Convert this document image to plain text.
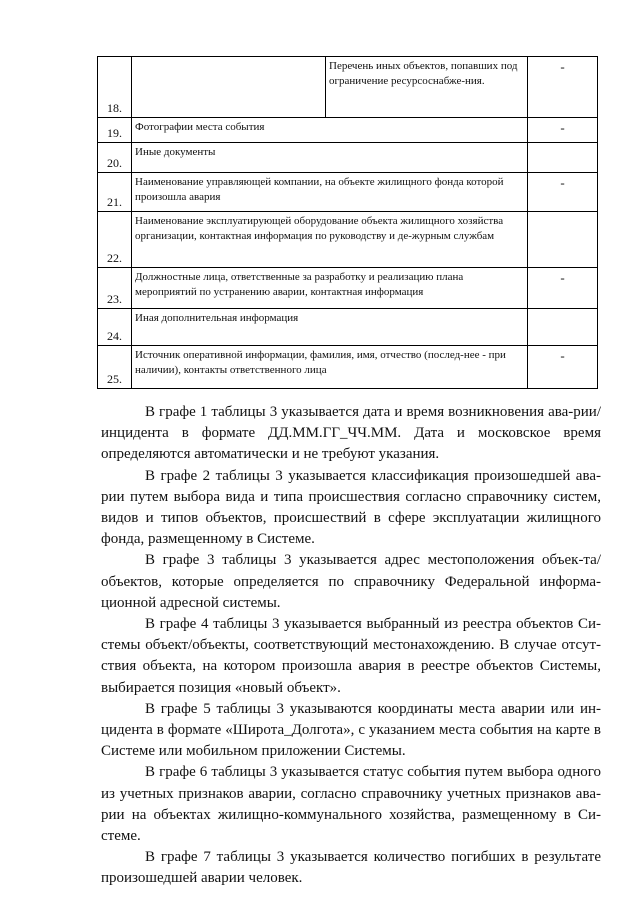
18.
Перечень иных объектов, попавших под ограничение ресурсоснабже-ния.
-
19.	Фотографии места события	-
20.
Иные документы
21.
Наименование управляющей компании, на объекте жилищного фонда которой произошла авария
-
22.
Наименование эксплуатирующей оборудование объекта жилищного хозяйства организации, контактная информация по руководству и де-журным службам
23.
Должностные лица, ответственные за разработку и реализацию плана мероприятий по устранению аварии, контактная информация
-
24.
Иная дополнительная информация
25.
Источник оперативной информации, фамилия, имя, отчество (послед-нее - при наличии), контакты ответственного лица
-

В графе 1 таблицы 3 указывается дата и время возникновения ава-рии/инцидента в формате ДД.ММ.ГГ_ЧЧ.ММ. Дата и московское время определяются автоматически и не требуют указания.

В графе 2 таблицы 3 указывается классификация произошедшей ава-рии путем выбора вида и типа происшествия согласно справочнику систем, видов и типов объектов, происшествий в сфере эксплуатации жилищного фонда, размещенному в Системе.

В графе 3 таблицы 3 указывается адрес местоположения объек-та/объектов, которые определяется по справочнику Федеральной информа-ционной адресной системы.

В графе 4 таблицы 3 указывается выбранный из реестра объектов Си-стемы объект/объекты, соответствующий местонахождению. В случае отсут-ствия объекта, на котором произошла авария в реестре объектов Системы, выбирается позиция «новый объект».

В графе 5 таблицы 3 указываются координаты места аварии или ин-цидента в формате «Широта_Долгота», с указанием места события на карте в Системе или мобильном приложении Системы.

В графе 6 таблицы 3 указывается статус события путем выбора одного из учетных признаков аварии, согласно справочнику учетных признаков ава-рии на объектах жилищно-коммунального хозяйства, размещенному в Си-стеме.

В графе 7 таблицы 3 указывается количество погибших в результате произошедшей аварии человек.
